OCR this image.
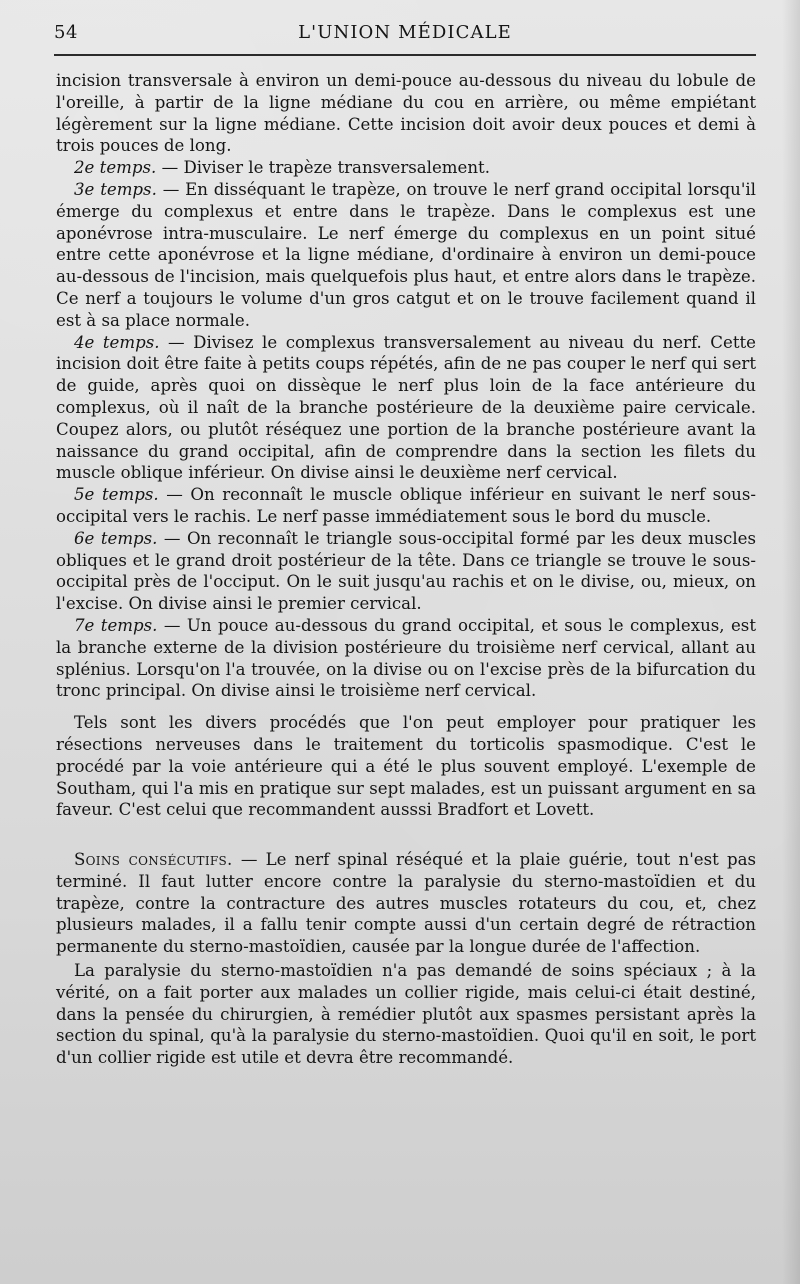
54	L'UNION MÉDICALE

incision transversale à environ un demi-pouce au-dessous du niveau du lobule de l'oreille, à partir de la ligne médiane du cou en arrière, ou même empiétant légèrement sur la ligne médiane. Cette incision doit avoir deux pouces et demi à trois pouces de long.

2e temps. — Diviser le trapèze transversalement.

3e temps. — En disséquant le trapèze, on trouve le nerf grand occipital lorsqu'il émerge du complexus et entre dans le trapèze. Dans le complexus est une aponévrose intra-musculaire. Le nerf émerge du complexus en un point situé entre cette aponévrose et la ligne médiane, d'ordinaire à environ un demi-pouce au-dessous de l'incision, mais quelquefois plus haut, et entre alors dans le trapèze. Ce nerf a toujours le volume d'un gros catgut et on le trouve facilement quand il est à sa place normale.

4e temps. — Divisez le complexus transversalement au niveau du nerf. Cette incision doit être faite à petits coups répétés, afin de ne pas couper le nerf qui sert de guide, après quoi on dissèque le nerf plus loin de la face antérieure du complexus, où il naît de la branche postérieure de la deuxième paire cervicale. Coupez alors, ou plutôt réséquez une portion de la branche postérieure avant la naissance du grand occipital, afin de comprendre dans la section les filets du muscle oblique inférieur. On divise ainsi le deuxième nerf cervical.

5e temps. — On reconnaît le muscle oblique inférieur en suivant le nerf sous-occipital vers le rachis. Le nerf passe immédiatement sous le bord du muscle.

6e temps. — On reconnaît le triangle sous-occipital formé par les deux muscles obliques et le grand droit postérieur de la tête. Dans ce triangle se trouve le sous-occipital près de l'occiput. On le suit jusqu'au rachis et on le divise, ou, mieux, on l'excise. On divise ainsi le premier cervical.

7e temps. — Un pouce au-dessous du grand occipital, et sous le complexus, est la branche externe de la division postérieure du troisième nerf cervical, allant au splénius. Lorsqu'on l'a trouvée, on la divise ou on l'excise près de la bifurcation du tronc principal. On divise ainsi le troisième nerf cervical.

Tels sont les divers procédés que l'on peut employer pour pratiquer les résections nerveuses dans le traitement du torticolis spasmodique. C'est le procédé par la voie antérieure qui a été le plus souvent employé. L'exemple de Southam, qui l'a mis en pratique sur sept malades, est un puissant argument en sa faveur. C'est celui que recommandent ausssi Bradfort et Lovett.

Soins consécutifs. — Le nerf spinal réséqué et la plaie guérie, tout n'est pas terminé. Il faut lutter encore contre la paralysie du sterno-mastoïdien et du trapèze, contre la contracture des autres muscles rotateurs du cou, et, chez plusieurs malades, il a fallu tenir compte aussi d'un certain degré de rétraction permanente du sterno-mastoïdien, causée par la longue durée de l'affection.

La paralysie du sterno-mastoïdien n'a pas demandé de soins spéciaux ; à la vérité, on a fait porter aux malades un collier rigide, mais celui-ci était destiné, dans la pensée du chirurgien, à remédier plutôt aux spasmes persistant après la section du spinal, qu'à la paralysie du sterno-mastoïdien. Quoi qu'il en soit, le port d'un collier rigide est utile et devra être recommandé.
